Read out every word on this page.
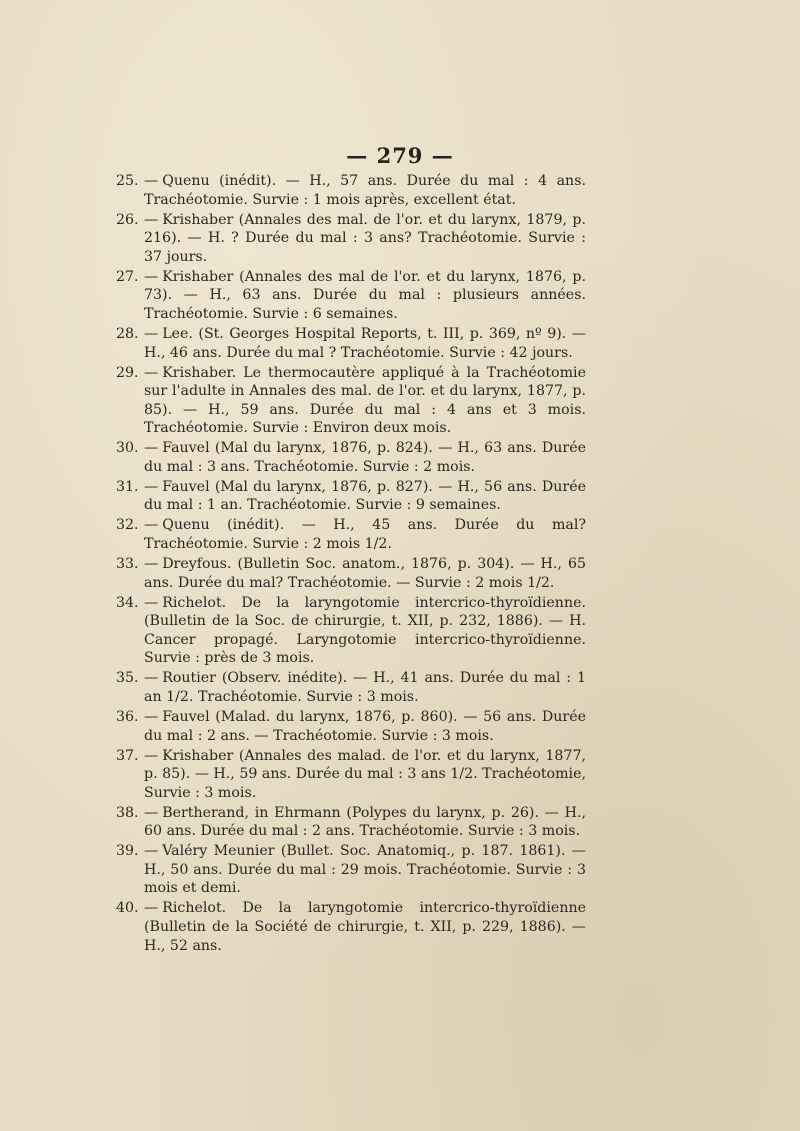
— 279 —

25. — Quenu (inédit). — H., 57 ans. Durée du mal : 4 ans. Trachéotomie. Survie : 1 mois après, excellent état.

26. — Krishaber (Annales des mal. de l'or. et du larynx, 1879, p. 216). — H. ? Durée du mal : 3 ans? Trachéotomie. Survie : 37 jours.

27. — Krishaber (Annales des mal de l'or. et du larynx, 1876, p. 73). — H., 63 ans. Durée du mal : plusieurs années. Trachéotomie. Survie : 6 semaines.

28. — Lee. (St. Georges Hospital Reports, t. III, p. 369, nº 9). — H., 46 ans. Durée du mal ? Trachéotomie. Survie : 42 jours.

29. — Krishaber. Le thermocautère appliqué à la Trachéotomie sur l'adulte in Annales des mal. de l'or. et du larynx, 1877, p. 85). — H., 59 ans. Durée du mal : 4 ans et 3 mois. Trachéotomie. Survie : Environ deux mois.

30. — Fauvel (Mal du larynx, 1876, p. 824). — H., 63 ans. Durée du mal : 3 ans. Trachéotomie. Survie : 2 mois.

31. — Fauvel (Mal du larynx, 1876, p. 827). — H., 56 ans. Durée du mal : 1 an. Trachéotomie. Survie : 9 semaines.

32. — Quenu (inédit). — H., 45 ans. Durée du mal? Trachéotomie. Survie : 2 mois 1/2.

33. — Dreyfous. (Bulletin Soc. anatom., 1876, p. 304). — H., 65 ans. Durée du mal? Trachéotomie. — Survie : 2 mois 1/2.

34. — Richelot. De la laryngotomie intercrico-thyroïdienne. (Bulletin de la Soc. de chirurgie, t. XII, p. 232, 1886). — H. Cancer propagé. Laryngotomie intercrico-thyroïdienne. Survie : près de 3 mois.

35. — Routier (Observ. inédite). — H., 41 ans. Durée du mal : 1 an 1/2. Trachéotomie. Survie : 3 mois.

36. — Fauvel (Malad. du larynx, 1876, p. 860). — 56 ans. Durée du mal : 2 ans. — Trachéotomie. Survie : 3 mois.

37. — Krishaber (Annales des malad. de l'or. et du larynx, 1877, p. 85). — H., 59 ans. Durée du mal : 3 ans 1/2. Trachéotomie, Survie : 3 mois.

38. — Bertherand, in Ehrmann (Polypes du larynx, p. 26). — H., 60 ans. Durée du mal : 2 ans. Trachéotomie. Survie : 3 mois.

39. — Valéry Meunier (Bullet. Soc. Anatomiq., p. 187. 1861). — H., 50 ans. Durée du mal : 29 mois. Trachéotomie. Survie : 3 mois et demi.

40. — Richelot. De la laryngotomie intercrico-thyroïdienne (Bulletin de la Société de chirurgie, t. XII, p. 229, 1886). — H., 52 ans.
